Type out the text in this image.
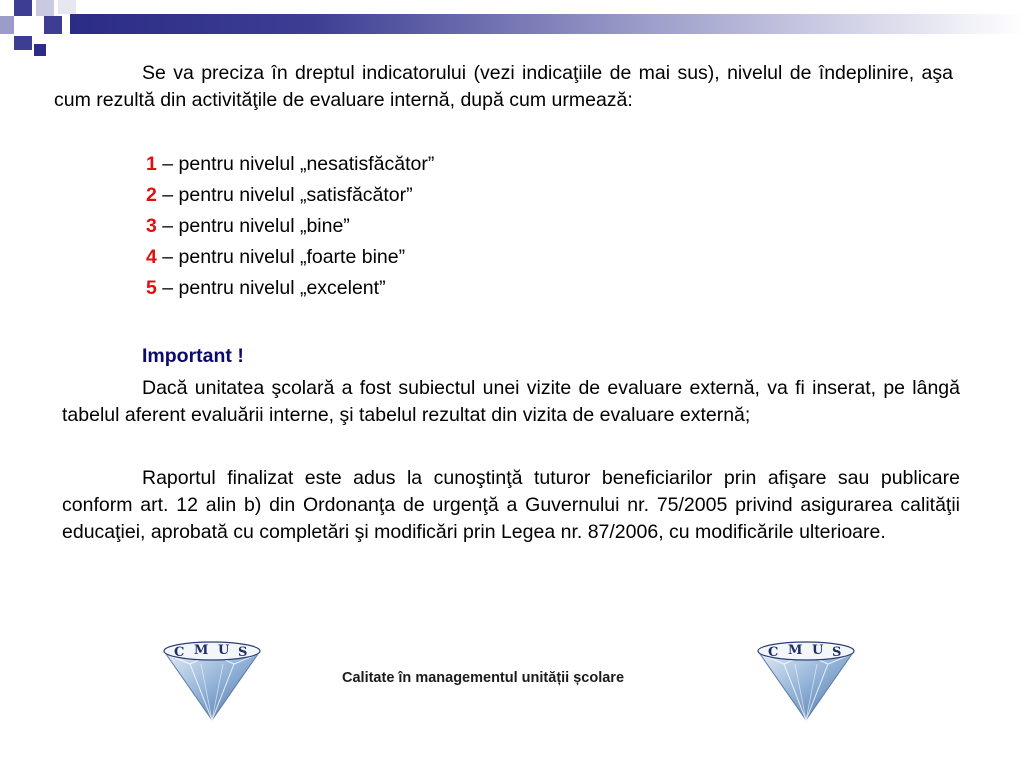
Se va preciza în dreptul indicatorului (vezi indicaţiile de mai sus), nivelul de îndeplinire, aşa cum rezultă din activităţile de evaluare internă, după cum urmează:
1 – pentru nivelul „nesatisfăcător”
2 – pentru nivelul „satisfăcător”
3 – pentru nivelul „bine”
4 – pentru nivelul „foarte bine”
5 – pentru nivelul „excelent”
Important !
Dacă unitatea şcolară a fost subiectul unei vizite de evaluare externă, va fi inserat, pe lângă tabelul aferent evaluării interne, şi tabelul rezultat din vizita de evaluare externă;
Raportul finalizat este adus la cunoştinţă tuturor beneficiarilor prin afişare sau publicare conform art. 12 alin b) din Ordonanţa de urgenţă a Guvernului nr. 75/2005 privind asigurarea calităţii educaţiei, aprobată cu completări şi modificări prin Legea nr. 87/2006, cu modificările ulterioare.
C M U S
Calitate în managementul unității școlare
C M U S
